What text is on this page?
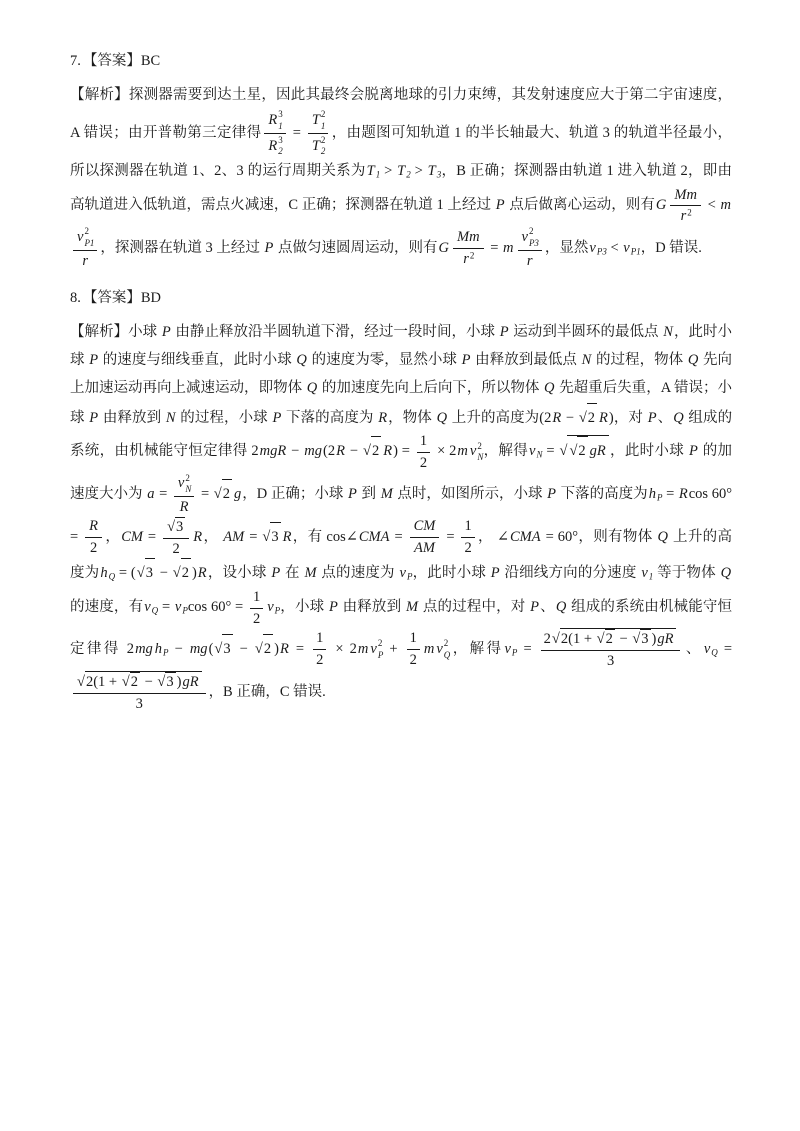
7. 【答案】BC

【解析】探测器需要到达土星，因此其最终会脱离地球的引力束缚，其发射速度应大于第二宇宙速度，A 错误；由开普勒第三定律得 R 3
1
R 3
2 = T 2
1
T 2
2 ，由题图可知轨道 1 的半长轴最大、轨道 3 的轨道半径最小，所以探测器在轨道 1、2、3 的运行周期关系为$T_1 > T_2 > T_3$，B 正确；探测器由轨道 1 进入轨道 2，即由高轨道进入低轨道，需点火减速，C 正确；探测器在轨道 1 上经过 P 点后做离心运动，则有G $\frac{Mm}{r^2} < m$
v 2
P1
r ，探测器在轨道 3 上经过 P 点做匀速圆周运动，则有G $\frac{Mm}{r^2} = m$ v 2
P3
r ，显然$v_{P3} < v_{P1}$，D 错误.

8. 【答案】BD

【解析】小球 P 由静止释放沿半圆轨道下滑，经过一段时间，小球 P 运动到半圆环的最低点 N，此时小球 P 的速度与细线垂直，此时小球 Q 的速度为零，显然小球 P 由释放到最低点 N 的过程，物体 Q 先向上加速运动再向上减速运动，即物体 Q 的加速度先向上后向下，所以物体 Q 先超重后失重，A 错误；小球 P 由释放到 N 的过程，小球 P 下落的高度为 R，物体 Q 上升的高度为(2R − √2 R)，对 P、Q 组成的系统，由机械能守恒定律得 2mgR − mg(2R − √2 $R) = \frac{1}{2} \times 2m$ v 2
N ，解得$v_N$ = √ √2 gR ，此时小球 P 的加速度大小为 a = v 2
N
R = √2 g，D 正确；小球 P 到 M 点时，如图所示，小球 P 下落的高度为$h_P = Rcos$ $60^\circ = \frac{R}{2}$ ，CM = $\frac{√3}{2}$ R， AM = √3 R，有 cos∠CMA = $\frac{CM}{AM} = \frac{1}{2}$ ， ∠CMA = 60°，则有物体 Q 上升的高度为$h_Q = (√3 - √2$ )R，设小球 P 在 M 点的速度为 $v_P$，此时小球 P 沿细线方向的分速度 $v_1$ 等于物体 Q 的速度，有$v_Q = v_P\cos$ $60^\circ = \frac{1}{2} v_P$，小球 P 由释放到 M 点的过程中，对 P、Q 组成的系统由机械能守恒定律得 2mg $h_P - mg(√3 - √2$ )$R = \frac{1}{2} \times 2m$ v 2
$P + \frac{1}{2}$ m v 2
Q ，解得$v_P = \frac{2√2(1 + √2 - √3 )gR}{3}$ 、$v_Q$ =
$\frac{√2(1 + √2 - √3 )gR}{3}$ ，B 正确，C 错误.
